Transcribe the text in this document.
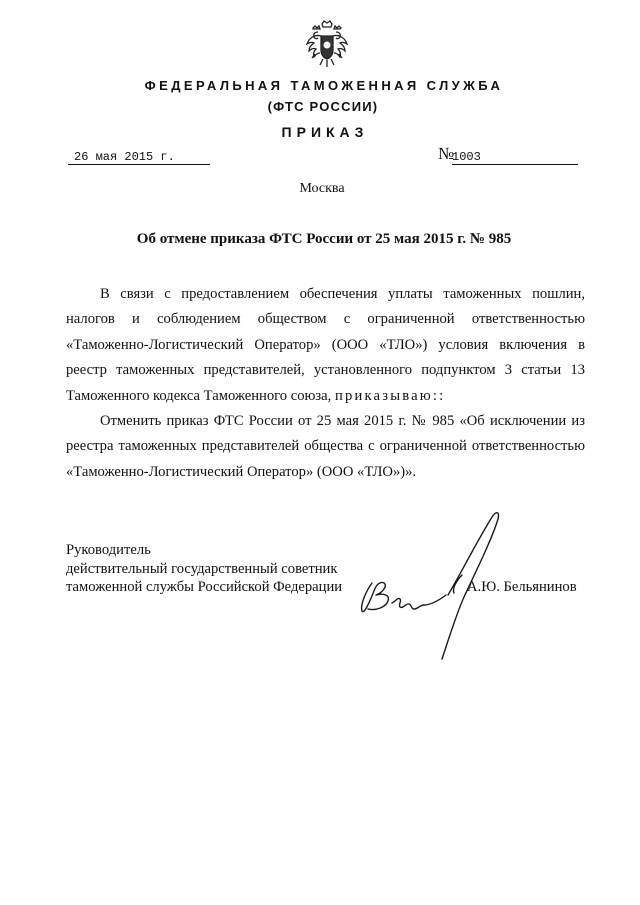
ФЕДЕРАЛЬНАЯ ТАМОЖЕННАЯ СЛУЖБА
(ФТС РОССИИ)
ПРИКАЗ
26 мая 2015 г.	№
1003
Москва
Об отмене приказа ФТС России от 25 мая 2015 г. № 985

В связи с предоставлением обеспечения уплаты таможенных пошлин, налогов и соблюдением обществом с ограниченной ответственностью «Таможенно-Логистический Оператор» (ООО «ТЛО») условия включения в реестр таможенных представителей, установленного подпунктом 3 статьи 13 Таможенного кодекса Таможенного союза, приказываю::

Отменить приказ ФТС России от 25 мая 2015 г. № 985 «Об исключении из реестра таможенных представителей общества с ограниченной ответственностью «Таможенно-Логистический Оператор» (ООО «ТЛО»)».

Руководитель
действительный государственный советник
таможенной службы Российской Федерации	А.Ю. Бельянинов
